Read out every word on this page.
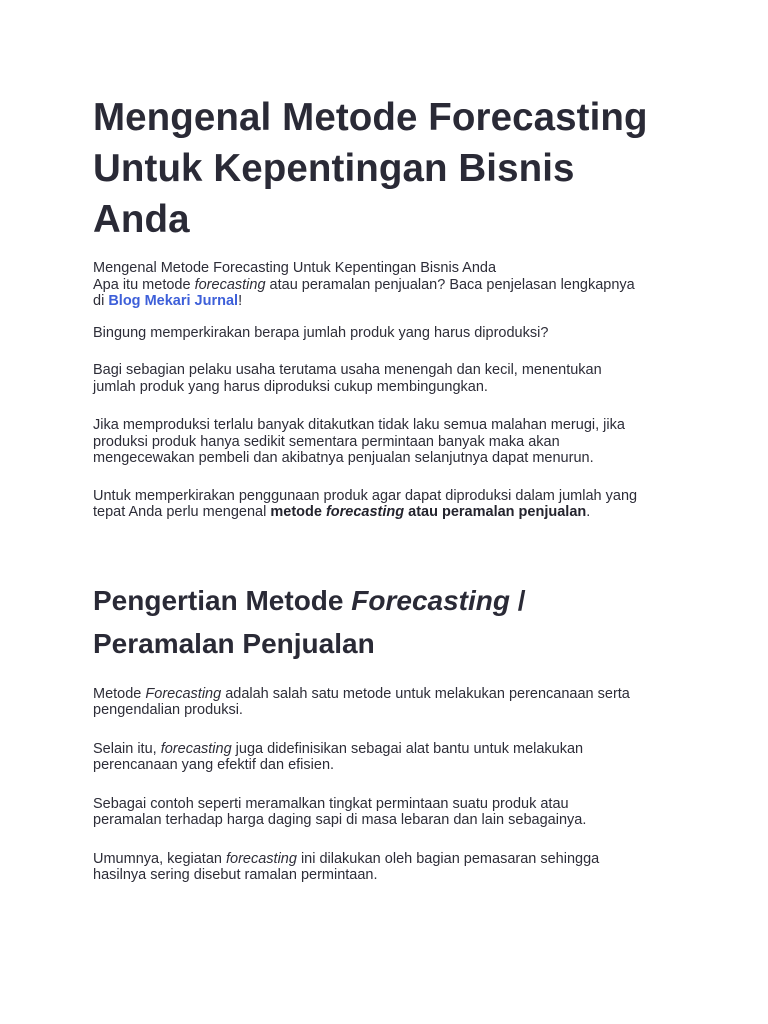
Mengenal Metode Forecasting
Untuk Kepentingan Bisnis
Anda
Mengenal Metode Forecasting Untuk Kepentingan Bisnis Anda
Apa itu metode forecasting atau peramalan penjualan? Baca penjelasan lengkapnya
di Blog Mekari Jurnal!

Bingung memperkirakan berapa jumlah produk yang harus diproduksi?

Bagi sebagian pelaku usaha terutama usaha menengah dan kecil, menentukan
jumlah produk yang harus diproduksi cukup membingungkan.

Jika memproduksi terlalu banyak ditakutkan tidak laku semua malahan merugi, jika
produksi produk hanya sedikit sementara permintaan banyak maka akan
mengecewakan pembeli dan akibatnya penjualan selanjutnya dapat menurun.

Untuk memperkirakan penggunaan produk agar dapat diproduksi dalam jumlah yang
tepat Anda perlu mengenal metode forecasting atau peramalan penjualan.

Pengertian Metode Forecasting /
Peramalan Penjualan

Metode Forecasting adalah salah satu metode untuk melakukan perencanaan serta
pengendalian produksi.

Selain itu, forecasting juga didefinisikan sebagai alat bantu untuk melakukan
perencanaan yang efektif dan efisien.

Sebagai contoh seperti meramalkan tingkat permintaan suatu produk atau
peramalan terhadap harga daging sapi di masa lebaran dan lain sebagainya.

Umumnya, kegiatan forecasting ini dilakukan oleh bagian pemasaran sehingga
hasilnya sering disebut ramalan permintaan.
